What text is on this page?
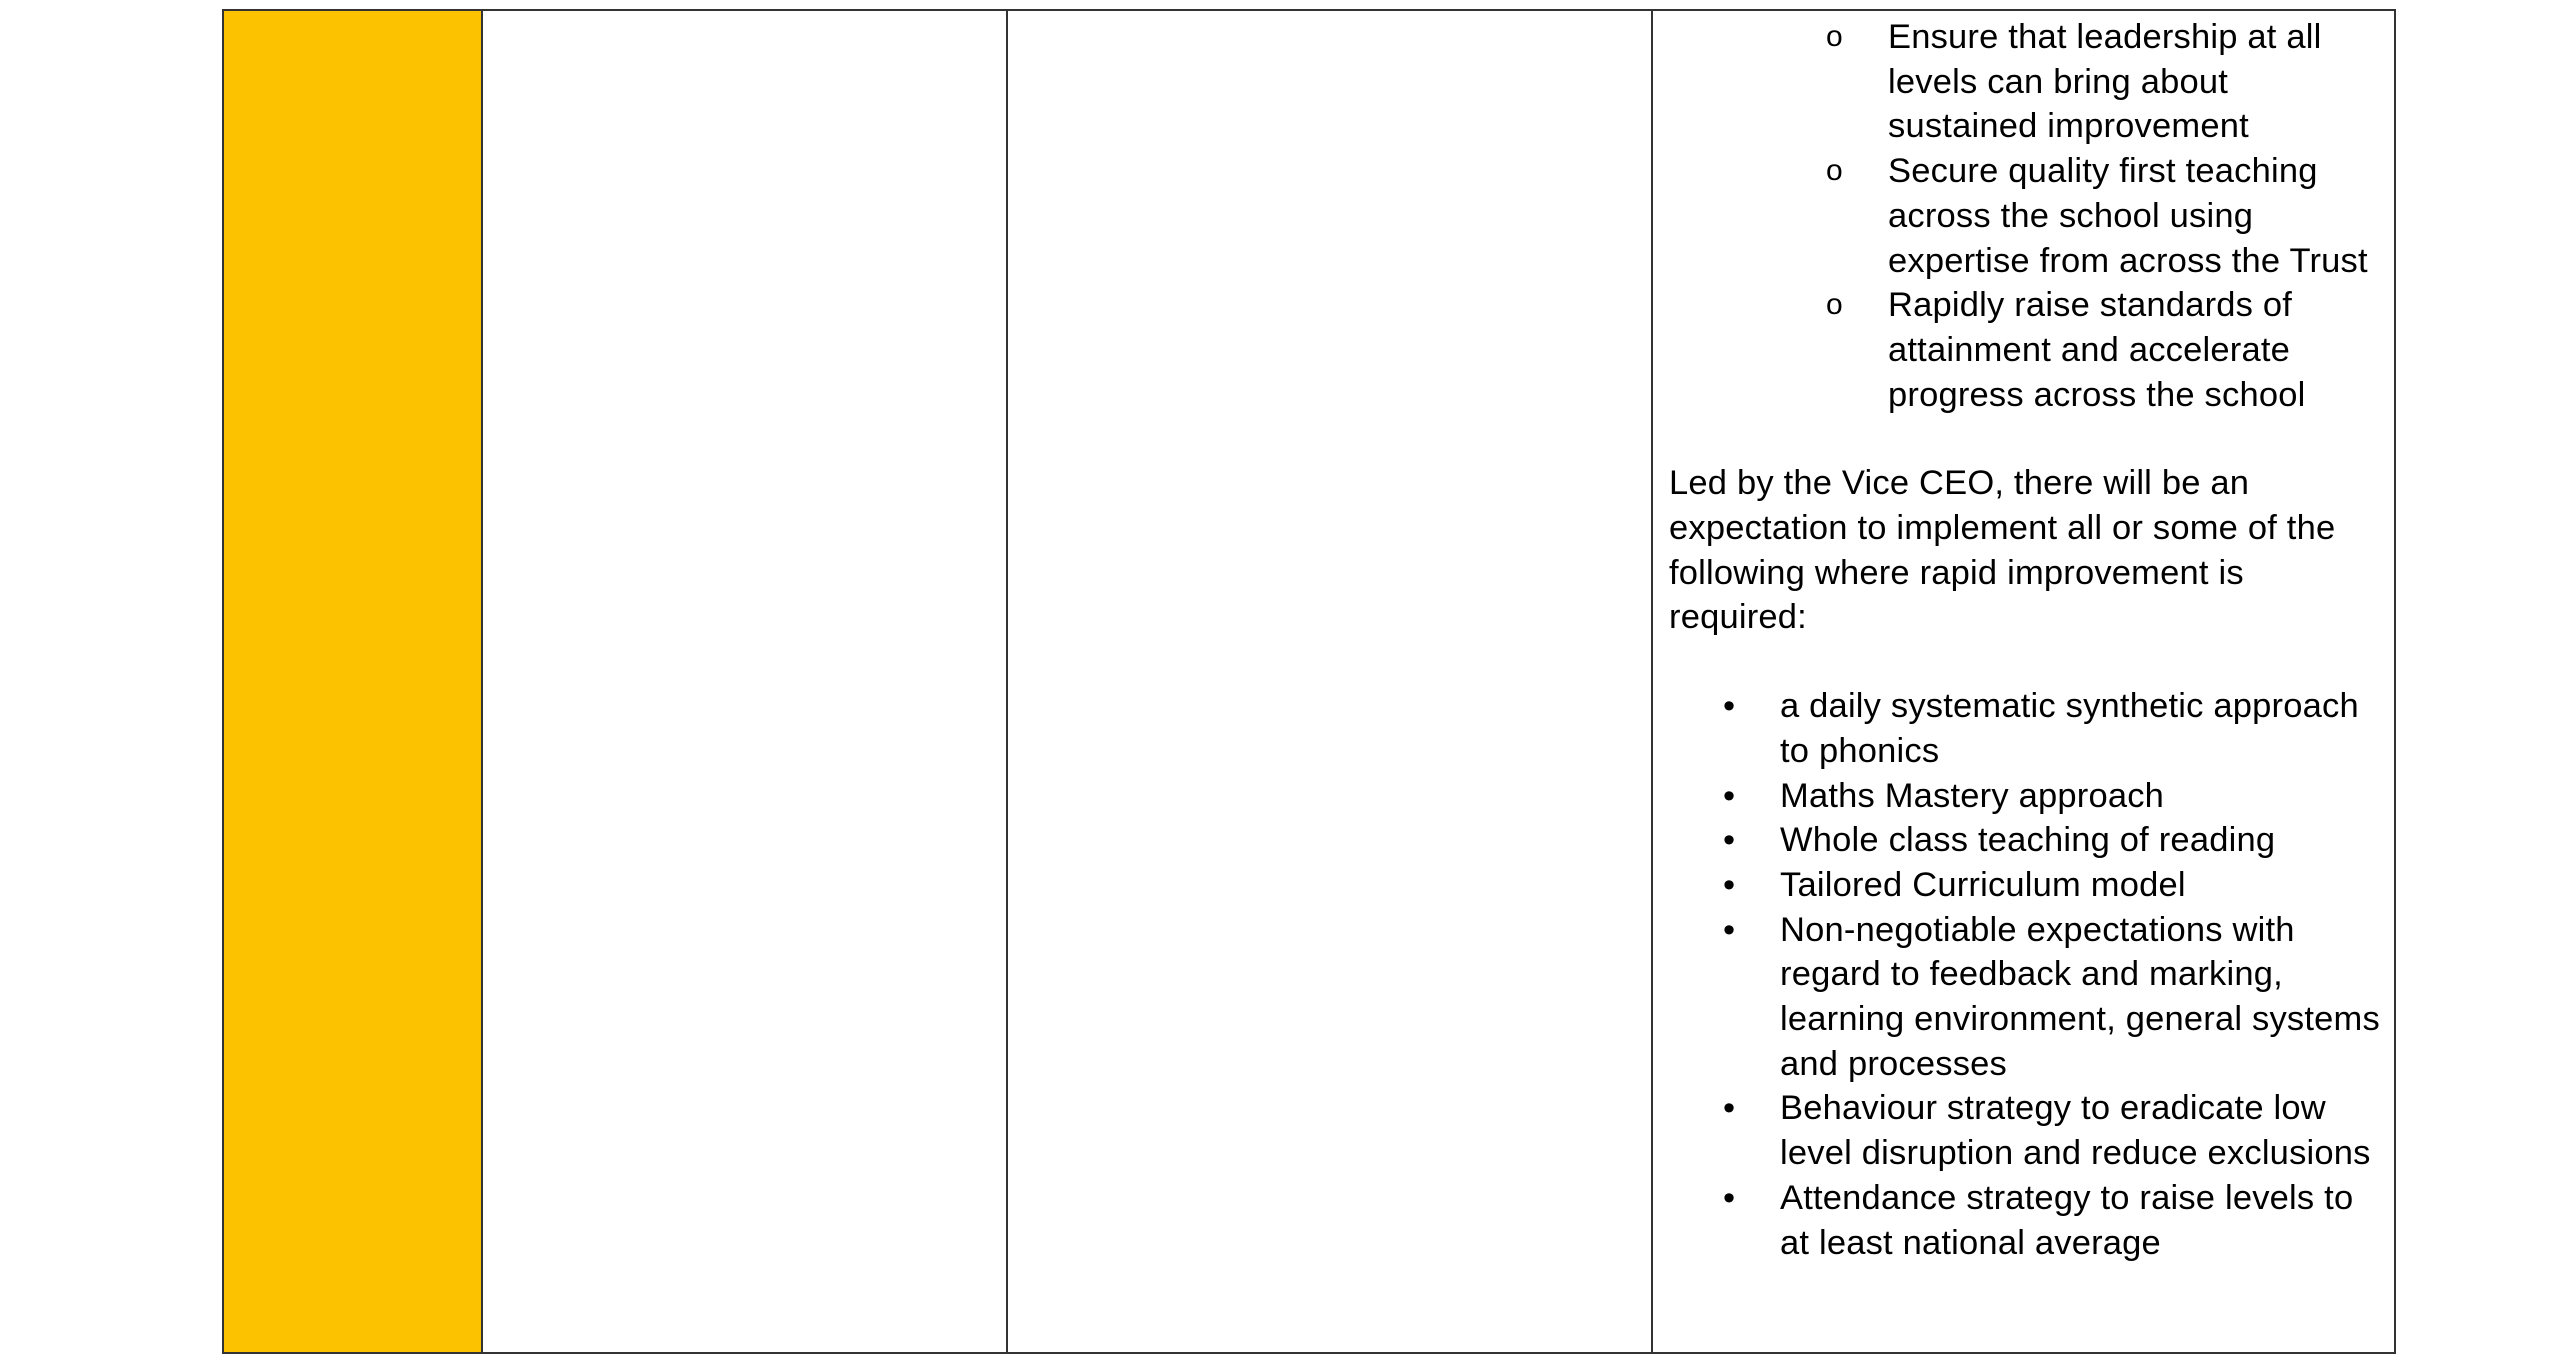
o Ensure that leadership at all levels can bring about sustained improvement
o Secure quality first teaching across the school using expertise from across the Trust
o Rapidly raise standards of attainment and accelerate progress across the school

Led by the Vice CEO, there will be an expectation to implement all or some of the following where rapid improvement is required:

• a daily systematic synthetic approach to phonics
• Maths Mastery approach
• Whole class teaching of reading
• Tailored Curriculum model
• Non-negotiable expectations with regard to feedback and marking, learning environment, general systems and processes
• Behaviour strategy to eradicate low level disruption and reduce exclusions
• Attendance strategy to raise levels to at least national average
